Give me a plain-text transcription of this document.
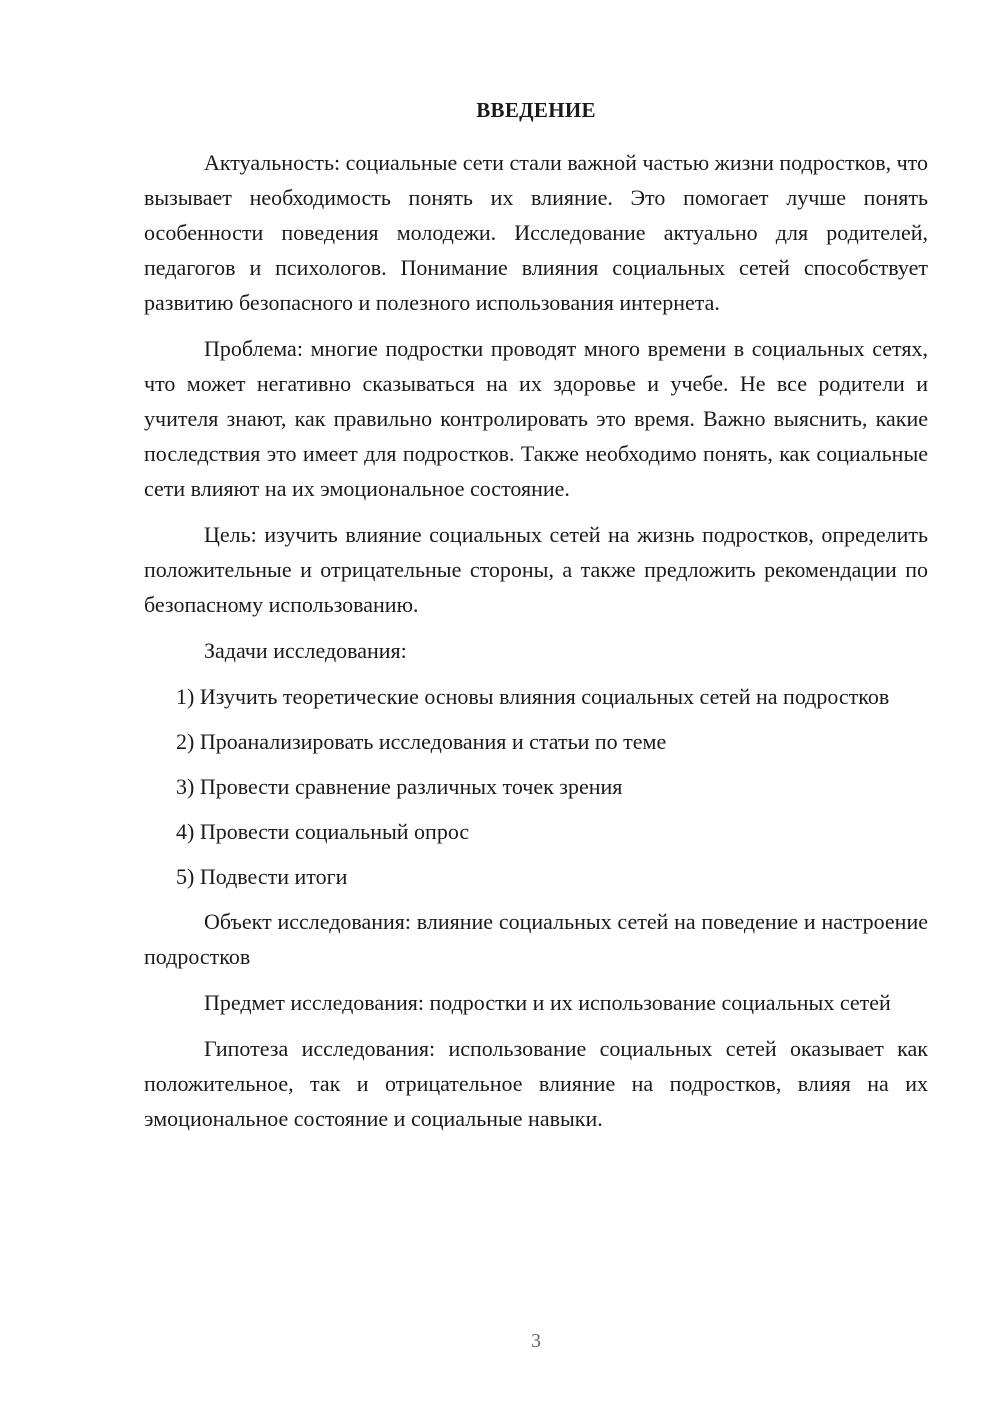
ВВЕДЕНИЕ

Актуальность: социальные сети стали важной частью жизни подростков, что вызывает необходимость понять их влияние. Это помогает лучше понять особенности поведения молодежи. Исследование актуально для родителей, педагогов и психологов. Понимание влияния социальных сетей способствует развитию безопасного и полезного использования интернета.

Проблема: многие подростки проводят много времени в социальных сетях, что может негативно сказываться на их здоровье и учебе. Не все родители и учителя знают, как правильно контролировать это время. Важно выяснить, какие последствия это имеет для подростков. Также необходимо понять, как социальные сети влияют на их эмоциональное состояние.

Цель: изучить влияние социальных сетей на жизнь подростков, определить положительные и отрицательные стороны, а также предложить рекомендации по безопасному использованию.

Задачи исследования:

1) Изучить теоретические основы влияния социальных сетей на подростков

2) Проанализировать исследования и статьи по теме

3) Провести сравнение различных точек зрения

4) Провести социальный опрос

5) Подвести итоги

Объект исследования: влияние социальных сетей на поведение и настроение подростков

Предмет исследования: подростки и их использование социальных сетей

Гипотеза исследования: использование социальных сетей оказывает как положительное, так и отрицательное влияние на подростков, влияя на их эмоциональное состояние и социальные навыки.

3
